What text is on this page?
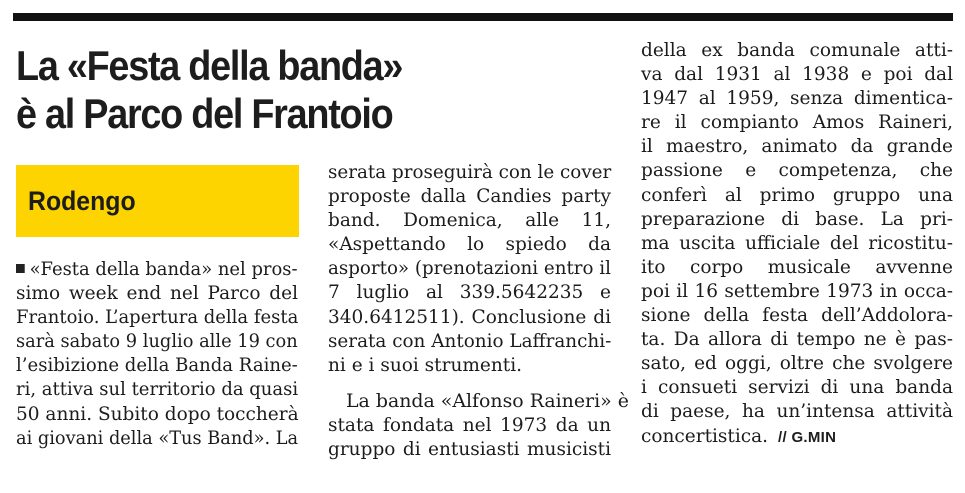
La «Festa della banda»
è al Parco del Frantoio
Rodengo
«Festa della banda» nel pros-
simo week end nel Parco del
Frantoio. L’apertura della festa
sarà sabato 9 luglio alle 19 con
l’esibizione della Banda Raine-
ri, attiva sul territorio da quasi
50 anni. Subito dopo toccherà
ai giovani della «Tus Band». La
serata proseguirà con le cover
proposte dalla Candies party
band. Domenica, alle 11,
«Aspettando lo spiedo da
asporto» (prenotazioni entro il
7 luglio al 339.5642235 e
340.6412511). Conclusione di
serata con Antonio Laffranchi-
ni e i suoi strumenti.
La banda «Alfonso Raineri» è
stata fondata nel 1973 da un
gruppo di entusiasti musicisti
della ex banda comunale atti-
va dal 1931 al 1938 e poi dal
1947 al 1959, senza dimentica-
re il compianto Amos Raineri,
il maestro, animato da grande
passione e competenza, che
conferì al primo gruppo una
preparazione di base. La pri-
ma uscita ufficiale del ricostitu-
ito corpo musicale avvenne
poi il 16 settembre 1973 in occa-
sione della festa dell’Addolora-
ta. Da allora di tempo ne è pas-
sato, ed oggi, oltre che svolgere
i consueti servizi di una banda
di paese, ha un’intensa attività
concertistica. // G.MIN
